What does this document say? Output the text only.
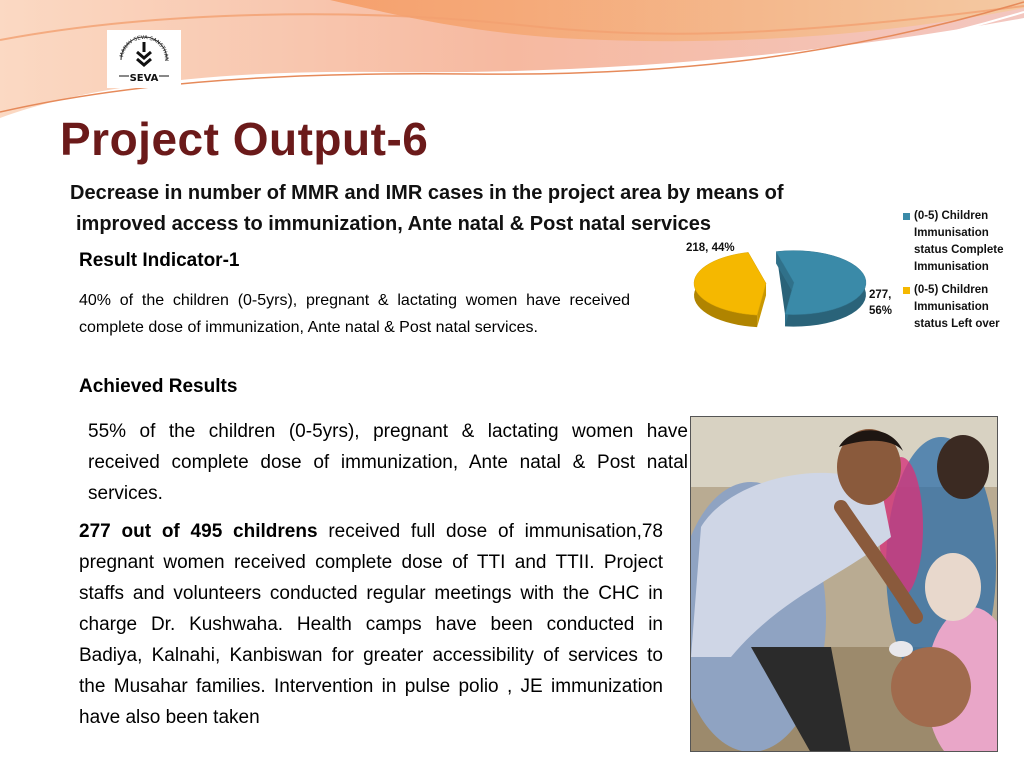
MANAV SEVA SANSTHAN
SEVA
Project Output-6

Decrease in number of MMR and IMR cases in the project area by means of
improved access to immunization, Ante natal & Post natal services

Result Indicator-1

40% of the children (0-5yrs), pregnant & lactating women have received complete dose of immunization, Ante natal & Post natal services.

Achieved Results

55% of the children (0-5yrs), pregnant & lactating women have received complete dose of immunization, Ante natal & Post natal services.

277 out of 495 childrens received full dose of immunisation,78 pregnant women received complete dose of TTI and TTII. Project staffs and volunteers conducted regular meetings with the CHC in charge Dr. Kushwaha. Health camps have been conducted in Badiya, Kalnahi, Kanbiswan for greater accessibility of services to the Musahar families. Intervention in pulse polio , JE immunization have also been taken

218, 44%
277, 56%
(0-5) Children Immunisation status Complete Immunisation
(0-5) Children Immunisation status Left over
